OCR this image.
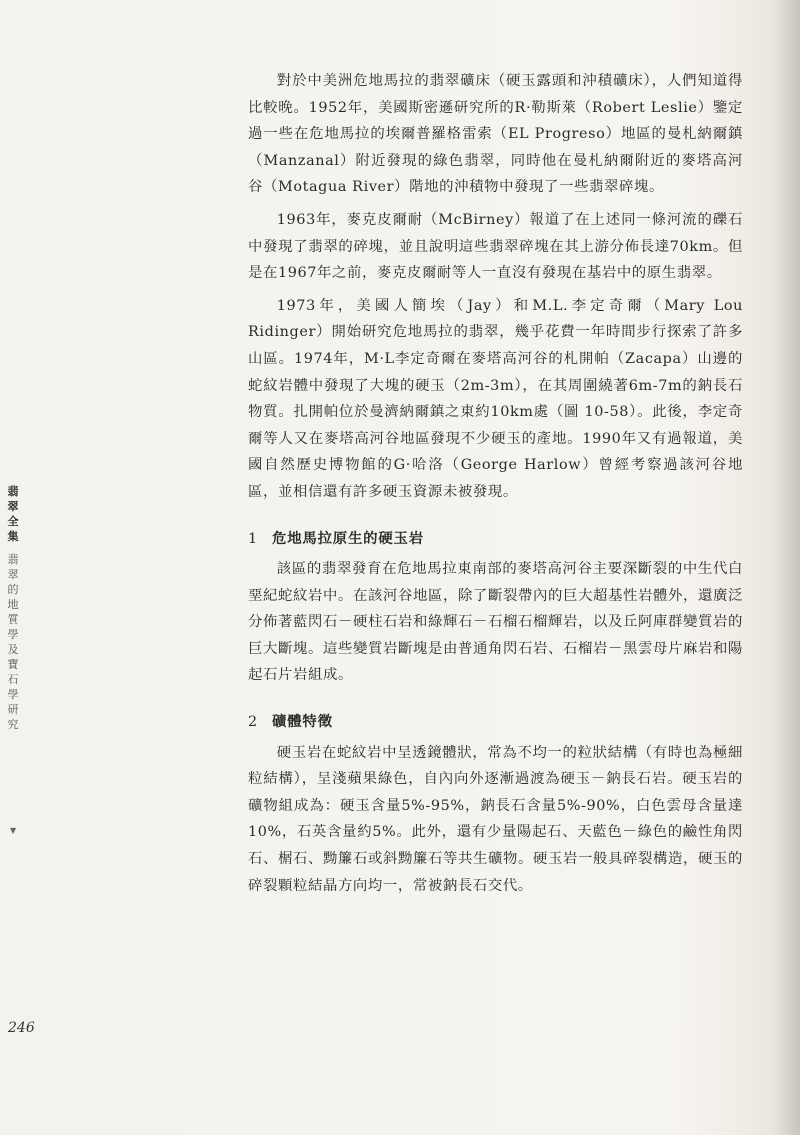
翡翠全集
翡翠的地質學及寶石學研究
▼

對於中美洲危地馬拉的翡翠礦床（硬玉露頭和沖積礦床），人們知道得比較晚。1952年，美國斯密遜研究所的R·勒斯萊（Robert Leslie）鑒定過一些在危地馬拉的埃爾普羅格雷索（EL Progreso）地區的曼札納爾鎮（Manzanal）附近發現的綠色翡翠，同時他在曼札納爾附近的麥塔高河谷（Motagua River）階地的沖積物中發現了一些翡翠碎塊。

1963年，麥克皮爾耐（McBirney）報道了在上述同一條河流的礫石中發現了翡翠的碎塊，並且說明這些翡翠碎塊在其上游分佈長達70km。但是在1967年之前，麥克皮爾耐等人一直沒有發現在基岩中的原生翡翠。

1973年，美國人簡埃（Jay）和M.L.李定奇爾（Mary Lou Ridinger）開始研究危地馬拉的翡翠，幾乎花費一年時間步行探索了許多山區。1974年，M·L李定奇爾在麥塔高河谷的札開帕（Zacapa）山邊的蛇紋岩體中發現了大塊的硬玉（2m-3m），在其周圍繞著6m-7m的鈉長石物質。扎開帕位於曼濟納爾鎮之東約10km處（圖 10-58）。此後，李定奇爾等人又在麥塔高河谷地區發現不少硬玉的產地。1990年又有過報道，美國自然歷史博物館的G·哈洛（George Harlow）曾經考察過該河谷地區，並相信還有許多硬玉資源未被發現。

1 危地馬拉原生的硬玉岩

該區的翡翠發育在危地馬拉東南部的麥塔高河谷主要深斷裂的中生代白堊紀蛇紋岩中。在該河谷地區，除了斷裂帶內的巨大超基性岩體外，還廣泛分佈著藍閃石－硬柱石岩和綠輝石－石榴石榴輝岩，以及丘阿庫群變質岩的巨大斷塊。這些變質岩斷塊是由普通角閃石岩、石榴岩－黑雲母片麻岩和陽起石片岩組成。

2 礦體特徵

硬玉岩在蛇紋岩中呈透鏡體狀，常為不均一的粒狀結構（有時也為極細粒結構），呈淺蘋果綠色，自內向外逐漸過渡為硬玉－鈉長石岩。硬玉岩的礦物組成為：硬玉含量5%-95%，鈉長石含量5%-90%，白色雲母含量達10%，石英含量約5%。此外，還有少量陽起石、天藍色－綠色的鹼性角閃石、榍石、黝簾石或斜黝簾石等共生礦物。硬玉岩一般具碎裂構造，硬玉的碎裂顆粒結晶方向均一，常被鈉長石交代。

246
